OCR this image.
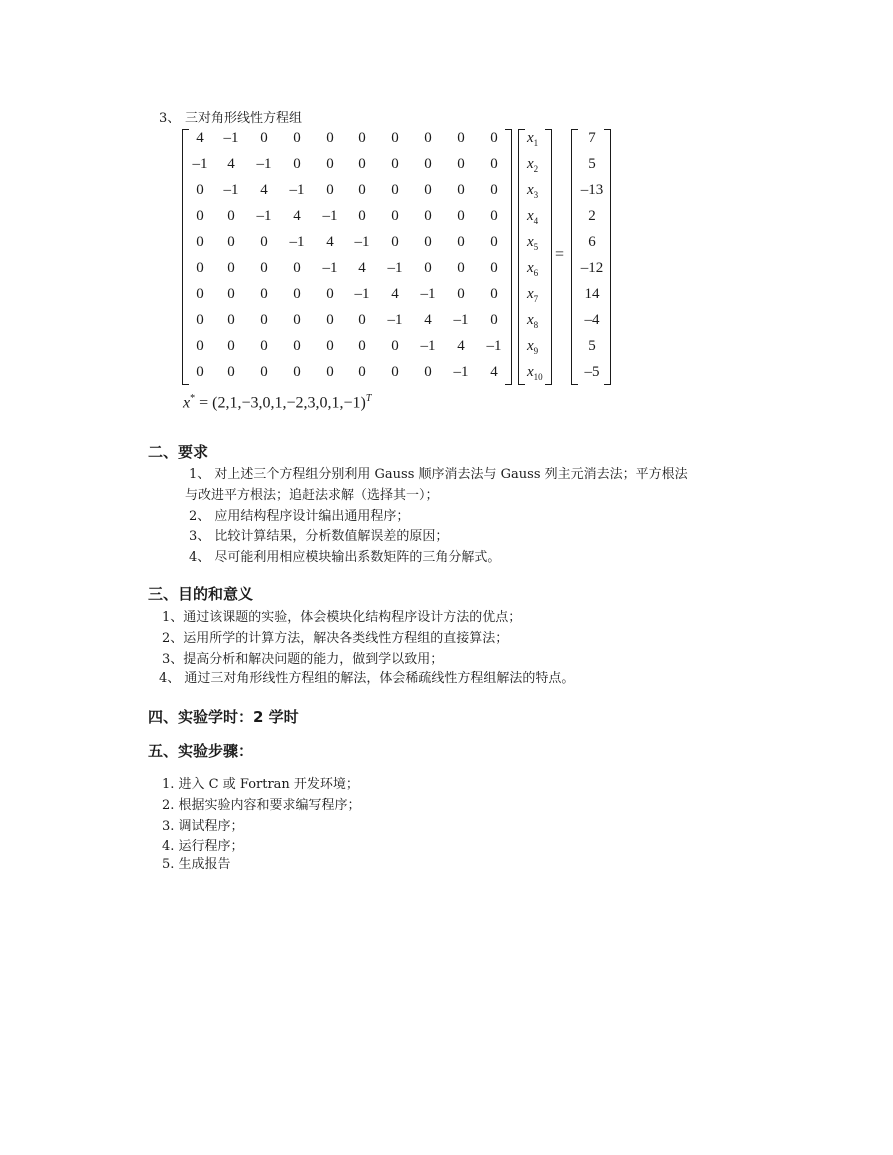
3、 三对角形线性方程组
4	–1	0	0	0	0	0	0	0	0
–1	4	–1	0	0	0	0	0	0	0
0	–1	4	–1	0	0	0	0	0	0
0	0	–1	4	–1	0	0	0	0	0
0	0	0	–1	4	–1	0	0	0	0
0	0	0	0	–1	4	–1	0	0	0
0	0	0	0	0	–1	4	–1	0	0
0	0	0	0	0	0	–1	4	–1	0
0	0	0	0	0	0	0	–1	4	–1
0	0	0	0	0	0	0	0	–1	4
$x_1$
$x_2$
$x_3$
$x_4$
$x_5$
$x_6$
$x_7$
$x_8$
$x_9$
$x_{10}$
=
7
5
–13
2
6
–12
14
–4
5
–5
$x^* = (2,1,-3,0,1,-2,3,0,1,-1)^T$
二、要求
1、 对上述三个方程组分别利用 Gauss 顺序消去法与 Gauss 列主元消去法；平方根法
与改进平方根法；追赶法求解（选择其一）；
2、 应用结构程序设计编出通用程序；
3、 比较计算结果，分析数值解误差的原因；
4、 尽可能利用相应模块输出系数矩阵的三角分解式。
三、目的和意义
1、通过该课题的实验，体会模块化结构程序设计方法的优点；
2、运用所学的计算方法，解决各类线性方程组的直接算法；
3、提高分析和解决问题的能力，做到学以致用；
4、 通过三对角形线性方程组的解法，体会稀疏线性方程组解法的特点。
四、实验学时：2 学时
五、实验步骤：
1. 进入 C 或 Fortran 开发环境；
2. 根据实验内容和要求编写程序；
3. 调试程序；
4. 运行程序；
5. 生成报告
